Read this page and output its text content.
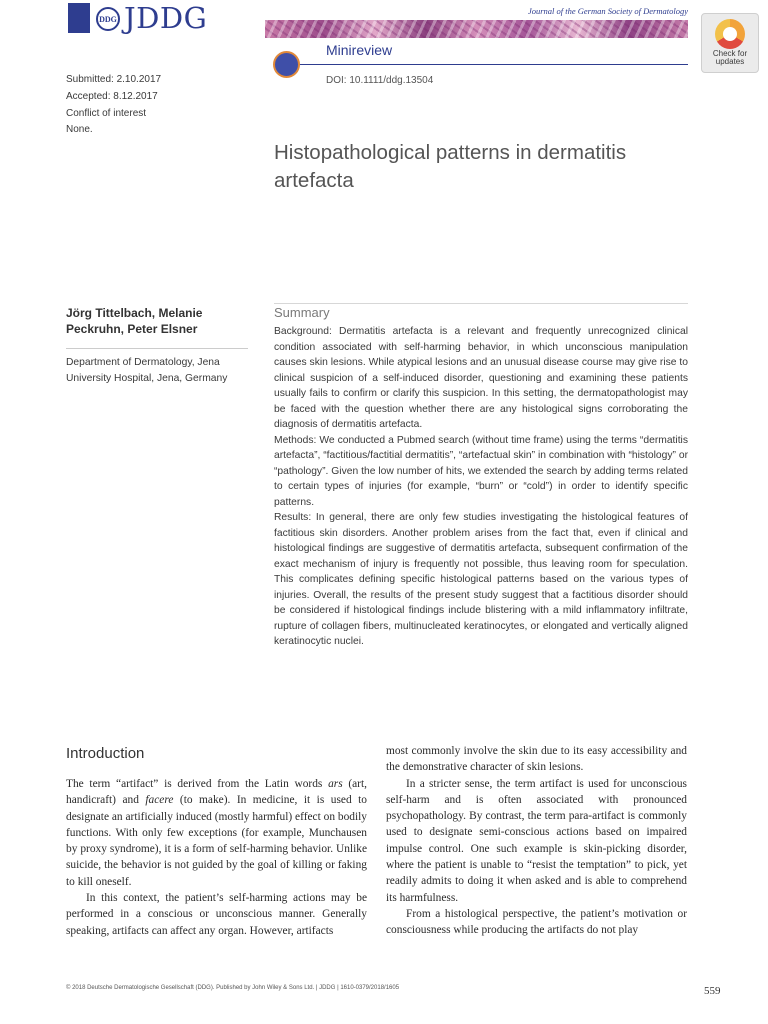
DDG JDDG	Journal of the German Society of Dermatology
Minireview
DOI: 10.1111/ddg.13504
Check for
updates
Submitted: 2.10.2017
Accepted: 8.12.2017
Conflict of interest
None.
Histopathological patterns in dermatitis artefacta
Jörg Tittelbach, Melanie Peckruhn, Peter Elsner
Department of Dermatology, Jena University Hospital, Jena, Germany
Summary

Background: Dermatitis artefacta is a relevant and frequently unrecognized clinical condition associated with self-harming behavior, in which unconscious manipulation causes skin lesions. While atypical lesions and an unusual disease course may give rise to clinical suspicion of a self-induced disorder, questioning and examining these patients usually fails to confirm or clarify this suspicion. In this setting, the dermatopathologist may be faced with the question whether there are any histological signs corroborating the diagnosis of dermatitis artefacta.

Methods: We conducted a Pubmed search (without time frame) using the terms “dermatitis artefacta”, “factitious/factitial dermatitis”, “artefactual skin” in combination with “histology” or “pathology”. Given the low number of hits, we extended the search by adding terms related to certain types of injuries (for example, “burn” or “cold”) in order to identify specific patterns.

Results: In general, there are only few studies investigating the histological features of factitious skin disorders. Another problem arises from the fact that, even if clinical and histological findings are suggestive of dermatitis artefacta, subsequent confirmation of the exact mechanism of injury is frequently not possible, thus leaving room for speculation. This complicates defining specific histological patterns based on the various types of injuries. Overall, the results of the present study suggest that a factitious disorder should be considered if histological findings include blistering with a mild inflammatory infiltrate, rupture of collagen fibers, multinucleated keratinocytes, or elongated and vertically aligned keratinocytic nuclei.

Introduction

The term “artifact” is derived from the Latin words ars (art, handicraft) and facere (to make). In medicine, it is used to designate an artificially induced (mostly harmful) effect on bodily functions. With only few exceptions (for example, Munchausen by proxy syndrome), it is a form of self-harming behavior. Unlike suicide, the behavior is not guided by the goal of killing or faking to kill oneself.

In this context, the patient’s self-harming actions may be performed in a conscious or unconscious manner. Generally speaking, artifacts can affect any organ. However, artifacts

most commonly involve the skin due to its easy accessibility and the demonstrative character of skin lesions.

In a stricter sense, the term artifact is used for unconscious self-harm and is often associated with pronounced psychopathology. By contrast, the term para-artifact is commonly used to designate semi-conscious actions based on impaired impulse control. One such example is skin-picking disorder, where the patient is unable to “resist the temptation” to pick, yet readily admits to doing it when asked and is able to comprehend its harmfulness.

From a histological perspective, the patient’s motivation or consciousness while producing the artifacts do not play

© 2018 Deutsche Dermatologische Gesellschaft (DDG). Published by John Wiley & Sons Ltd. | JDDG | 1610-0379/2018/1605	559
